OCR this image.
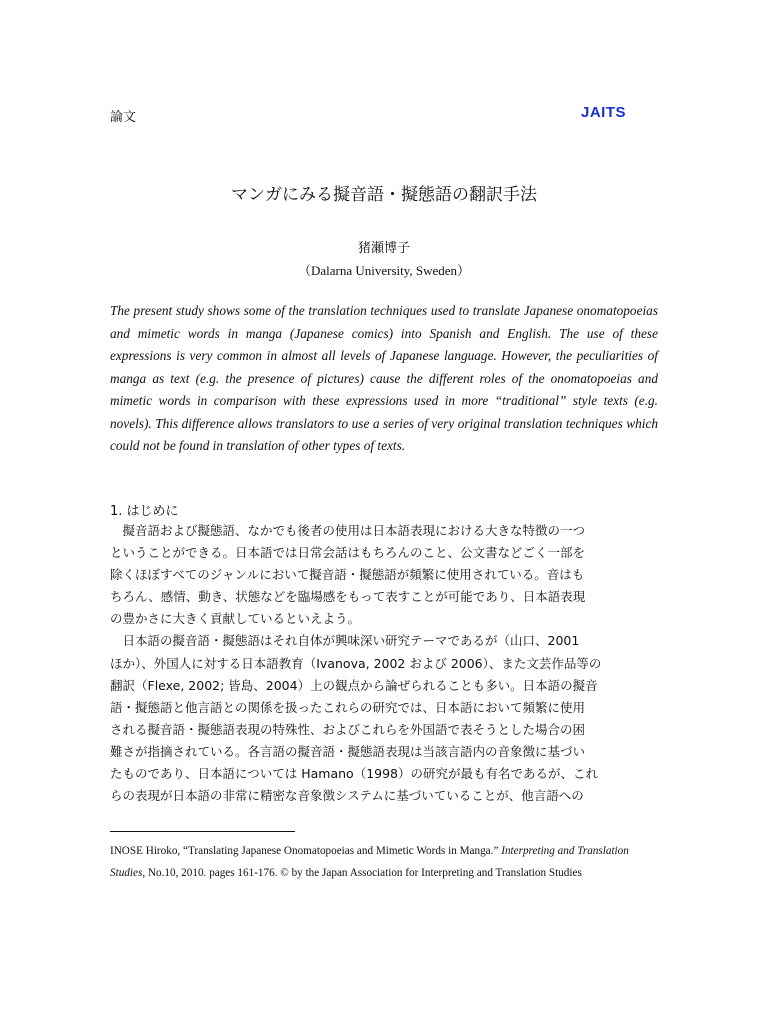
論文	JAITS
マンガにみる擬音語・擬態語の翻訳手法
猪瀬博子
（Dalarna University, Sweden）

The present study shows some of the translation techniques used to translate Japanese onomatopoeias and mimetic words in manga (Japanese comics) into Spanish and English. The use of these expressions is very common in almost all levels of Japanese language. However, the peculiarities of manga as text (e.g. the presence of pictures) cause the different roles of the onomatopoeias and mimetic words in comparison with these expressions used in more “traditional” style texts (e.g. novels). This difference allows translators to use a series of very original translation techniques which could not be found in translation of other types of texts.

1. はじめに
　擬音語および擬態語、なかでも後者の使用は日本語表現における大きな特徴の一つ
ということができる。日本語では日常会話はもちろんのこと、公文書などごく一部を
除くほぼすべてのジャンルにおいて擬音語・擬態語が頻繁に使用されている。音はも
ちろん、感情、動き、状態などを臨場感をもって表すことが可能であり、日本語表現
の豊かさに大きく貢献しているといえよう。
　日本語の擬音語・擬態語はそれ自体が興味深い研究テーマであるが（山口、2001
ほか）、外国人に対する日本語教育（Ivanova, 2002 および 2006）、また文芸作品等の
翻訳（Flexe, 2002; 皆島、2004）上の観点から論ぜられることも多い。日本語の擬音
語・擬態語と他言語との関係を扱ったこれらの研究では、日本語において頻繁に使用
される擬音語・擬態語表現の特殊性、およびこれらを外国語で表そうとした場合の困
難さが指摘されている。各言語の擬音語・擬態語表現は当該言語内の音象徴に基づい
たものであり、日本語については Hamano（1998）の研究が最も有名であるが、これ
らの表現が日本語の非常に精密な音象徴システムに基づいていることが、他言語への

INOSE Hiroko, “Translating Japanese Onomatopoeias and Mimetic Words in Manga.” Interpreting and Translation Studies, No.10, 2010. pages 161-176. © by the Japan Association for Interpreting and Translation Studies
